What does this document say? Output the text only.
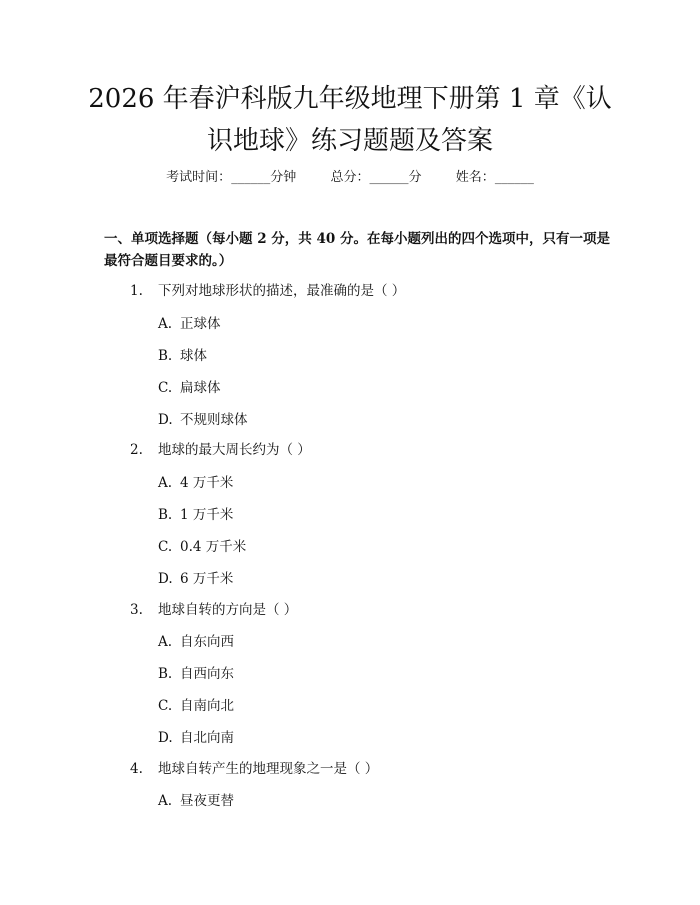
2026 年春沪科版九年级地理下册第 1 章《认识地球》练习题题及答案
考试时间：______分钟	总分：______分	姓名：______
一、单项选择题（每小题 2 分，共 40 分。在每小题列出的四个选项中，只有一项是最符合题目要求的。）
1. 下列对地球形状的描述，最准确的是（ ）
A. 正球体
B. 球体
C. 扁球体
D. 不规则球体
2. 地球的最大周长约为（ ）
A. 4 万千米
B. 1 万千米
C. 0.4 万千米
D. 6 万千米
3. 地球自转的方向是（ ）
A. 自东向西
B. 自西向东
C. 自南向北
D. 自北向南
4. 地球自转产生的地理现象之一是（ ）
A. 昼夜更替
